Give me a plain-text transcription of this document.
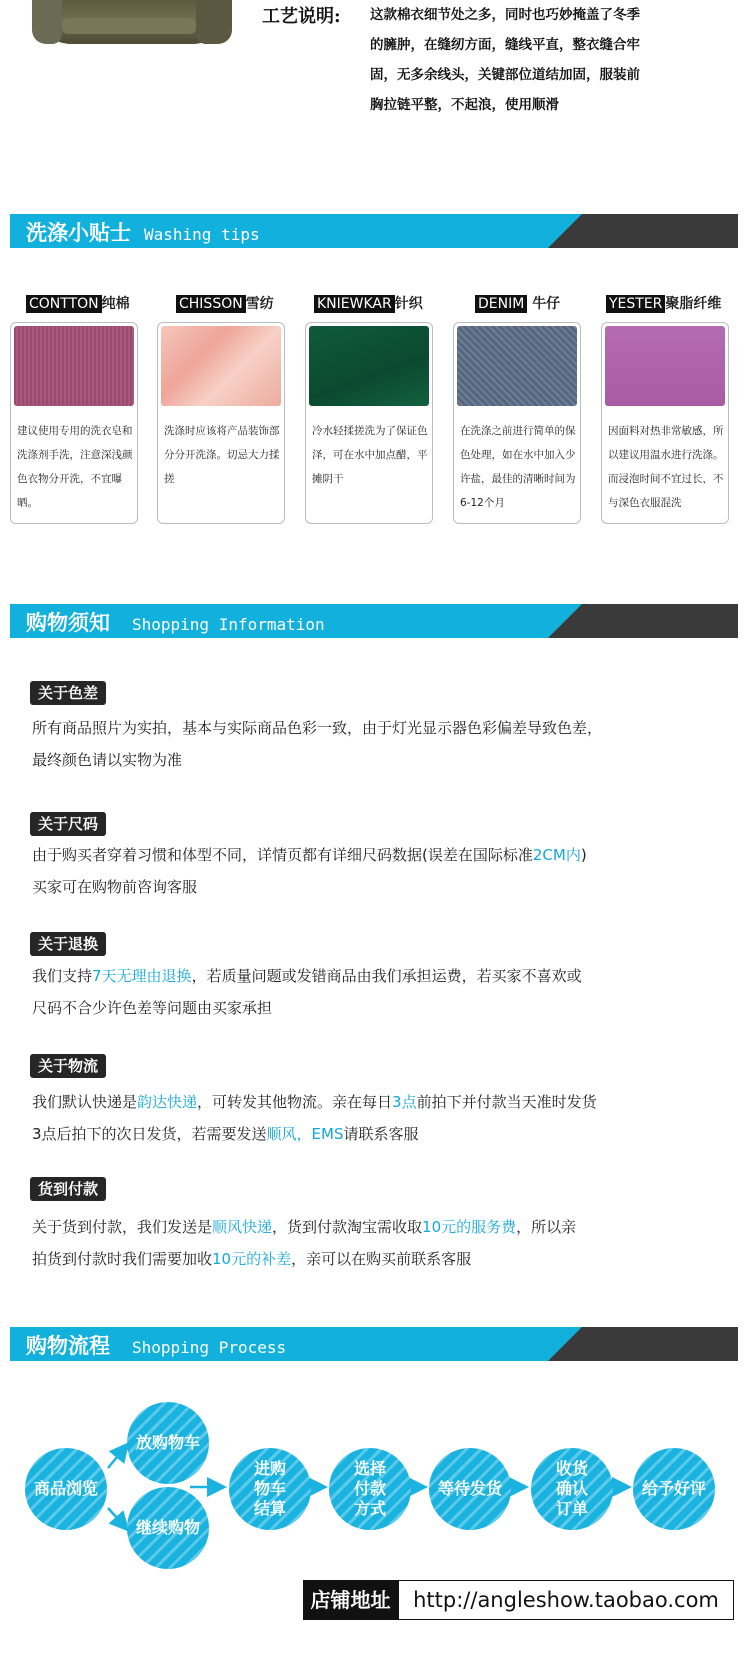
工艺说明: 这款棉衣细节处之多，同时也巧妙掩盖了冬季
的臃肿，在缝纫方面，缝线平直，整衣缝合牢
固，无多余线头，关键部位道结加固，服装前
胸拉链平整，不起浪，使用顺滑
洗涤小贴士 Washing tips
CONTTON 纯棉	CHISSON 雪纺	KNIEWKAR 针织	DENIM 牛仔	YESTER 聚脂纤维
建议使用专用的洗衣皂和洗涤剂手洗，注意深浅颜色衣物分开洗，不宜曝晒。
洗涤时应该将产品装饰部分分开洗涤。切忌大力揉搓
冷水轻揉搓洗为了保证色泽，可在水中加点醋，平摊阴干
在洗涤之前进行简单的保色处理，如在水中加入少许盐，最佳的清晰时间为6-12个月
因面料对热非常敏感，所以建议用温水进行洗涤。而浸泡时间不宜过长，不与深色衣服混洗
购物须知 Shopping Information
关于色差
所有商品照片为实拍，基本与实际商品色彩一致，由于灯光显示器色彩偏差导致色差，
最终颜色请以实物为准
关于尺码
由于购买者穿着习惯和体型不同，详情页都有详细尺码数据(误差在国际标准2CM内)
买家可在购物前咨询客服
关于退换
我们支持7天无理由退换，若质量问题或发错商品由我们承担运费，若买家不喜欢或
尺码不合少许色差等问题由买家承担
关于物流
我们默认快递是韵达快递，可转发其他物流。亲在每日3点前拍下并付款当天准时发货
3点后拍下的次日发货，若需要发送顺风，EMS请联系客服
货到付款
关于货到付款，我们发送是顺风快递，货到付款淘宝需收取10元的服务费，所以亲
拍货到付款时我们需要加收10元的补差，亲可以在购买前联系客服
购物流程 Shopping Process
商品浏览
放购物车
继续购物
进购
物车
结算
选择
付款
方式
等待发货
收货
确认
订单
给予好评
店铺地址	http://angleshow.taobao.com
